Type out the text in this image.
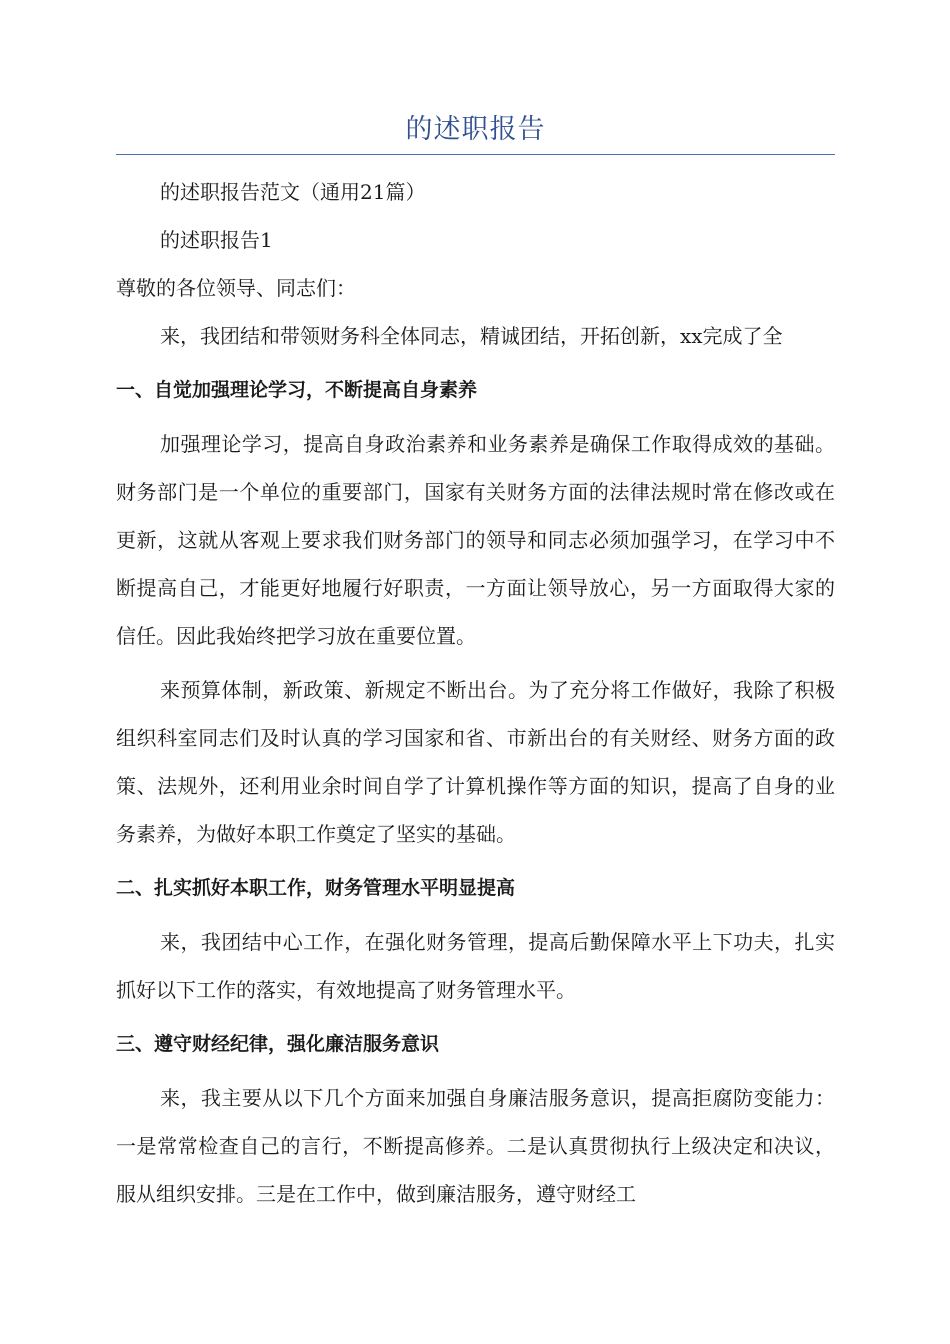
的述职报告

的述职报告范文（通用21篇）

的述职报告1

尊敬的各位领导、同志们：

来，我团结和带领财务科全体同志，精诚团结，开拓创新，xx完成了全

一、自觉加强理论学习，不断提高自身素养

加强理论学习，提高自身政治素养和业务素养是确保工作取得成效的基础。财务部门是一个单位的重要部门，国家有关财务方面的法律法规时常在修改或在更新，这就从客观上要求我们财务部门的领导和同志必须加强学习，在学习中不断提高自己，才能更好地履行好职责，一方面让领导放心，另一方面取得大家的信任。因此我始终把学习放在重要位置。

来预算体制，新政策、新规定不断出台。为了充分将工作做好，我除了积极组织科室同志们及时认真的学习国家和省、市新出台的有关财经、财务方面的政策、法规外，还利用业余时间自学了计算机操作等方面的知识，提高了自身的业务素养，为做好本职工作奠定了坚实的基础。

二、扎实抓好本职工作，财务管理水平明显提高

来，我团结中心工作，在强化财务管理，提高后勤保障水平上下功夫，扎实抓好以下工作的落实，有效地提高了财务管理水平。

三、遵守财经纪律，强化廉洁服务意识

来，我主要从以下几个方面来加强自身廉洁服务意识，提高拒腐防变能力：一是常常检查自己的言行，不断提高修养。二是认真贯彻执行上级决定和决议，服从组织安排。三是在工作中，做到廉洁服务，遵守财经工
